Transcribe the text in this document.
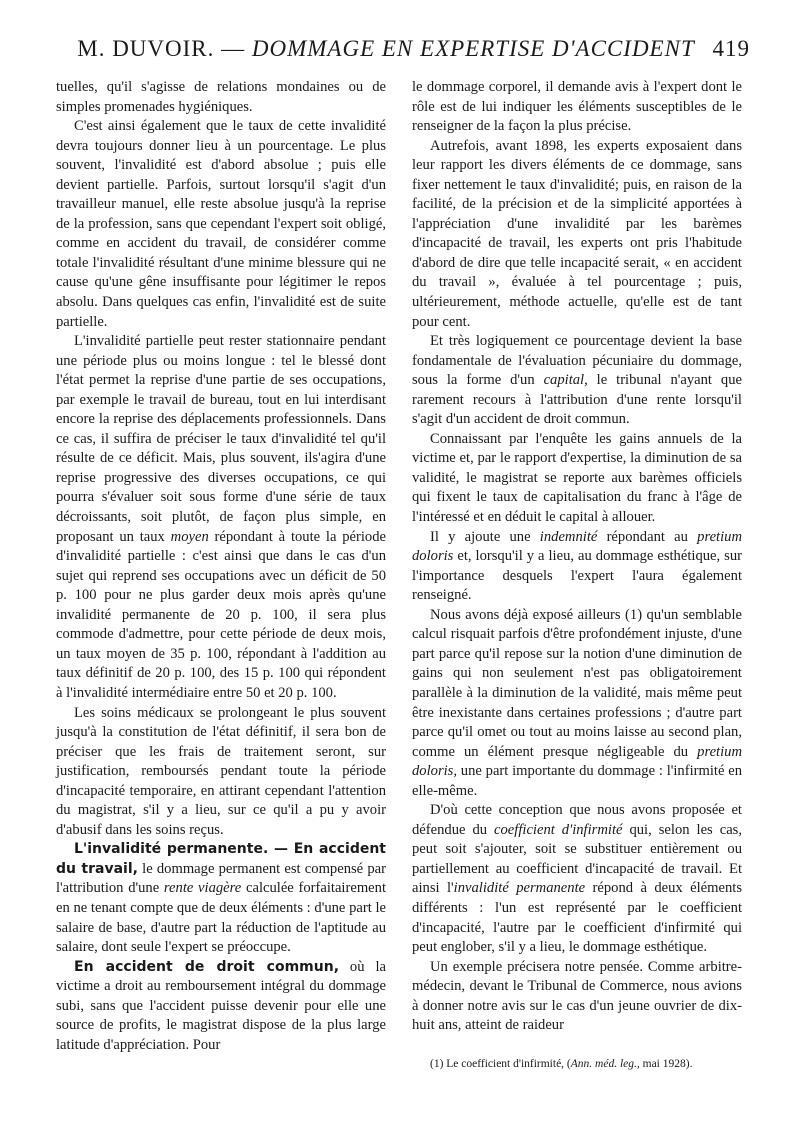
M. DUVOIR. — DOMMAGE EN EXPERTISE D'ACCIDENT 419

tuelles, qu'il s'agisse de relations mondaines ou de simples promenades hygiéniques.

C'est ainsi également que le taux de cette invalidité devra toujours donner lieu à un pourcentage. Le plus souvent, l'invalidité est d'abord absolue ; puis elle devient partielle. Parfois, surtout lorsqu'il s'agit d'un travailleur manuel, elle reste absolue jusqu'à la reprise de la profession, sans que cependant l'expert soit obligé, comme en accident du travail, de considérer comme totale l'invalidité résultant d'une minime blessure qui ne cause qu'une gêne insuffisante pour légitimer le repos absolu. Dans quelques cas enfin, l'invalidité est de suite partielle.

L'invalidité partielle peut rester stationnaire pendant une période plus ou moins longue : tel le blessé dont l'état permet la reprise d'une partie de ses occupations, par exemple le travail de bureau, tout en lui interdisant encore la reprise des déplacements professionnels. Dans ce cas, il suffira de préciser le taux d'invalidité tel qu'il résulte de ce déficit. Mais, plus souvent, ils'agira d'une reprise progressive des diverses occupations, ce qui pourra s'évaluer soit sous forme d'une série de taux décroissants, soit plutôt, de façon plus simple, en proposant un taux moyen répondant à toute la période d'invalidité partielle : c'est ainsi que dans le cas d'un sujet qui reprend ses occupations avec un déficit de 50 p. 100 pour ne plus garder deux mois après qu'une invalidité permanente de 20 p. 100, il sera plus commode d'admettre, pour cette période de deux mois, un taux moyen de 35 p. 100, répondant à l'addition au taux définitif de 20 p. 100, des 15 p. 100 qui répondent à l'invalidité intermédiaire entre 50 et 20 p. 100.

Les soins médicaux se prolongeant le plus souvent jusqu'à la constitution de l'état définitif, il sera bon de préciser que les frais de traitement seront, sur justification, remboursés pendant toute la période d'incapacité temporaire, en attirant cependant l'attention du magistrat, s'il y a lieu, sur ce qu'il a pu y avoir d'abusif dans les soins reçus.

L'invalidité permanente. — En accident du travail, le dommage permanent est compensé par l'attribution d'une rente viagère calculée forfaitairement en ne tenant compte que de deux éléments : d'une part le salaire de base, d'autre part la réduction de l'aptitude au salaire, dont seule l'expert se préoccupe.

En accident de droit commun, où la victime a droit au remboursement intégral du dommage subi, sans que l'accident puisse devenir pour elle une source de profits, le magistrat dispose de la plus large latitude d'appréciation. Pour

le dommage corporel, il demande avis à l'expert dont le rôle est de lui indiquer les éléments susceptibles de le renseigner de la façon la plus précise.

Autrefois, avant 1898, les experts exposaient dans leur rapport les divers éléments de ce dommage, sans fixer nettement le taux d'invalidité; puis, en raison de la facilité, de la précision et de la simplicité apportées à l'appréciation d'une invalidité par les barèmes d'incapacité de travail, les experts ont pris l'habitude d'abord de dire que telle incapacité serait, « en accident du travail », évaluée à tel pourcentage ; puis, ultérieurement, méthode actuelle, qu'elle est de tant pour cent.

Et très logiquement ce pourcentage devient la base fondamentale de l'évaluation pécuniaire du dommage, sous la forme d'un capital, le tribunal n'ayant que rarement recours à l'attribution d'une rente lorsqu'il s'agit d'un accident de droit commun.

Connaissant par l'enquête les gains annuels de la victime et, par le rapport d'expertise, la diminution de sa validité, le magistrat se reporte aux barèmes officiels qui fixent le taux de capitalisation du franc à l'âge de l'intéressé et en déduit le capital à allouer.

Il y ajoute une indemnité répondant au pretium doloris et, lorsqu'il y a lieu, au dommage esthétique, sur l'importance desquels l'expert l'aura également renseigné.

Nous avons déjà exposé ailleurs (1) qu'un semblable calcul risquait parfois d'être profondément injuste, d'une part parce qu'il repose sur la notion d'une diminution de gains qui non seulement n'est pas obligatoirement parallèle à la diminution de la validité, mais même peut être inexistante dans certaines professions ; d'autre part parce qu'il omet ou tout au moins laisse au second plan, comme un élément presque négligeable du pretium doloris, une part importante du dommage : l'infirmité en elle-même.

D'où cette conception que nous avons proposée et défendue du coefficient d'infirmité qui, selon les cas, peut soit s'ajouter, soit se substituer entièrement ou partiellement au coefficient d'incapacité de travail. Et ainsi l'invalidité permanente répond à deux éléments différents : l'un est représenté par le coefficient d'incapacité, l'autre par le coefficient d'infirmité qui peut englober, s'il y a lieu, le dommage esthétique.

Un exemple précisera notre pensée. Comme arbitre-médecin, devant le Tribunal de Commerce, nous avions à donner notre avis sur le cas d'un jeune ouvrier de dix-huit ans, atteint de raideur

(1) Le coefficient d'infirmité, (Ann. méd. leg., mai 1928).
